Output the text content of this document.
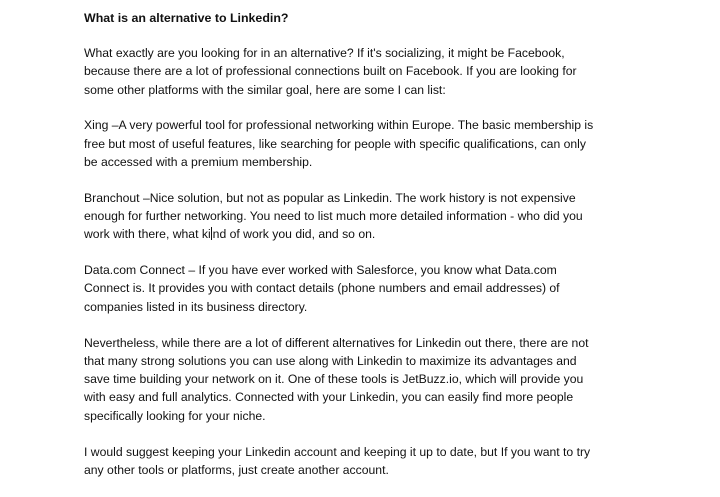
What is an alternative to Linkedin?
What exactly are you looking for in an alternative? If it's socializing, it might be Facebook,
because there are a lot of professional connections built on Facebook. If you are looking for
some other platforms with the similar goal, here are some I can list:
Xing –A very powerful tool for professional networking within Europe. The basic membership is
free but most of useful features, like searching for people with specific qualifications, can only
be accessed with a premium membership.
Branchout –Nice solution, but not as popular as Linkedin. The work history is not expensive
enough for further networking. You need to list much more detailed information - who did you
work with there, what ki nd of work you did, and so on.
Data.com Connect – If you have ever worked with Salesforce, you know what Data.com
Connect is. It provides you with contact details (phone numbers and email addresses) of
companies listed in its business directory.
Nevertheless, while there are a lot of different alternatives for Linkedin out there, there are not
that many strong solutions you can use along with Linkedin to maximize its advantages and
save time building your network on it. One of these tools is JetBuzz.io, which will provide you
with easy and full analytics. Connected with your Linkedin, you can easily find more people
specifically looking for your niche.
I would suggest keeping your Linkedin account and keeping it up to date, but If you want to try
any other tools or platforms, just create another account.
